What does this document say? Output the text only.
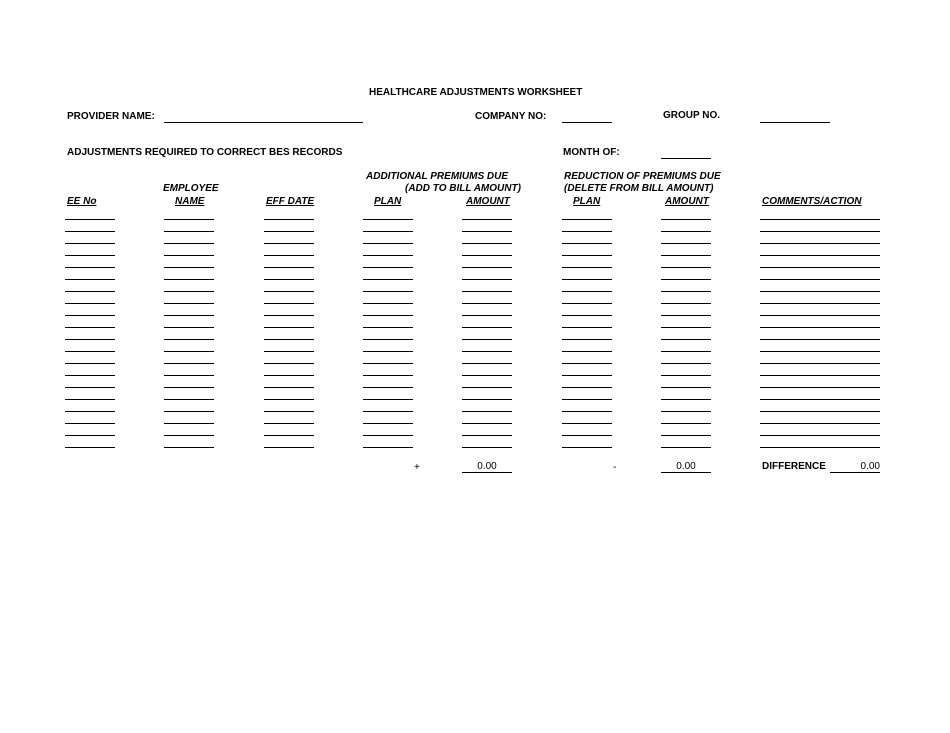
HEALTHCARE ADJUSTMENTS WORKSHEET
PROVIDER NAME:	COMPANY NO:	GROUP NO.
ADJUSTMENTS REQUIRED TO CORRECT BES RECORDS	MONTH OF:
ADDITIONAL PREMIUMS DUE
(ADD TO BILL AMOUNT)
REDUCTION OF PREMIUMS DUE
(DELETE FROM BILL AMOUNT)
EMPLOYEE
EE No	NAME	EFF DATE	PLAN	AMOUNT	PLAN	AMOUNT	COMMENTS/ACTION
+	0.00	-	0.00	DIFFERENCE	0.00
